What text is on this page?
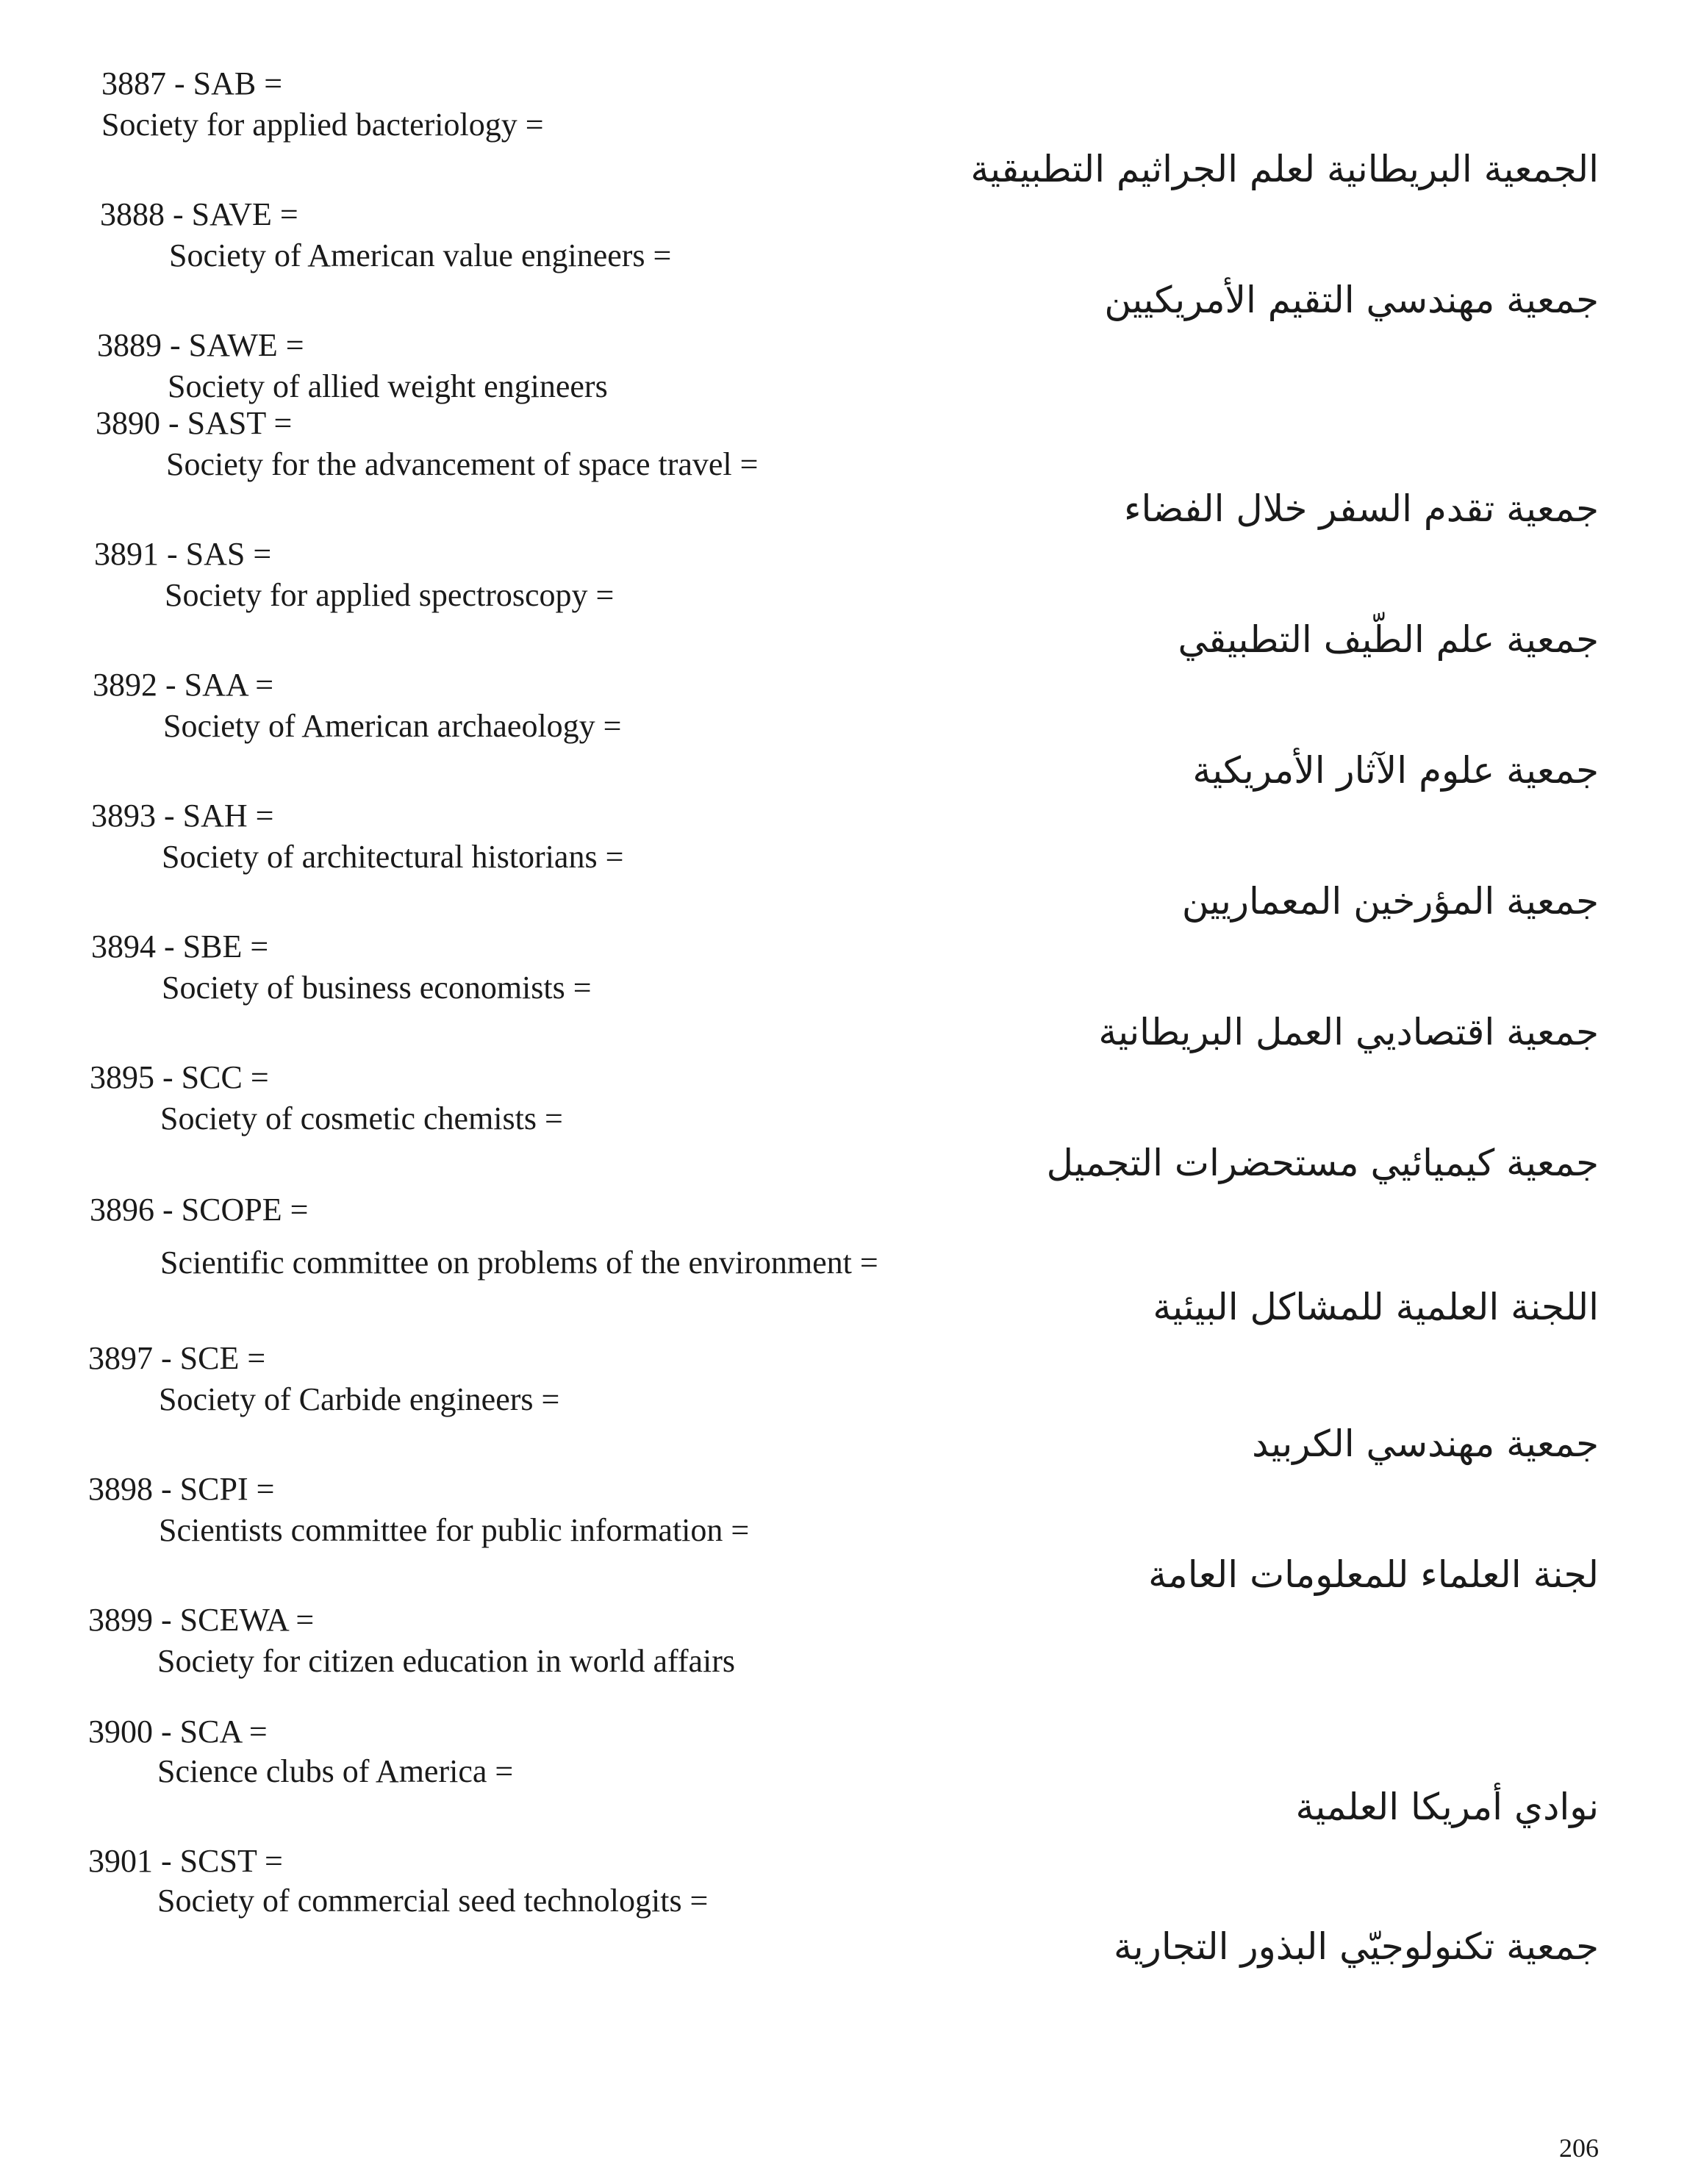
3887 - SAB =
Society for applied bacteriology =
الجمعية البريطانية لعلم الجراثيم التطبيقية
3888 - SAVE =
Society of American value engineers =
جمعية مهندسي التقيم الأمريكيين
3889 - SAWE =
Society of allied weight engineers
3890 - SAST =
Society for the advancement of space travel =
جمعية تقدم السفر خلال الفضاء
3891 - SAS =
Society for applied spectroscopy =
جمعية علم الطّيف التطبيقي
3892 - SAA =
Society of American archaeology =
جمعية علوم الآثار الأمريكية
3893 - SAH =
Society of architectural historians =
جمعية المؤرخين المعماريين
3894 - SBE =
Society of business economists =
جمعية اقتصاديي العمل البريطانية
3895 - SCC =
Society of cosmetic chemists =
جمعية كيميائيي مستحضرات التجميل
3896 - SCOPE =
Scientific committee on problems of the environment =
اللجنة العلمية للمشاكل البيئية
3897 - SCE =
Society of Carbide engineers =
جمعية مهندسي الكربيد
3898 - SCPI =
Scientists committee for public information =
لجنة العلماء للمعلومات العامة
3899 - SCEWA =
Society for citizen education in world affairs
3900 - SCA =
Science clubs of America =
نوادي أمريكا العلمية
3901 - SCST =
Society of commercial seed technologits =
جمعية تكنولوجيّي البذور التجارية
206
